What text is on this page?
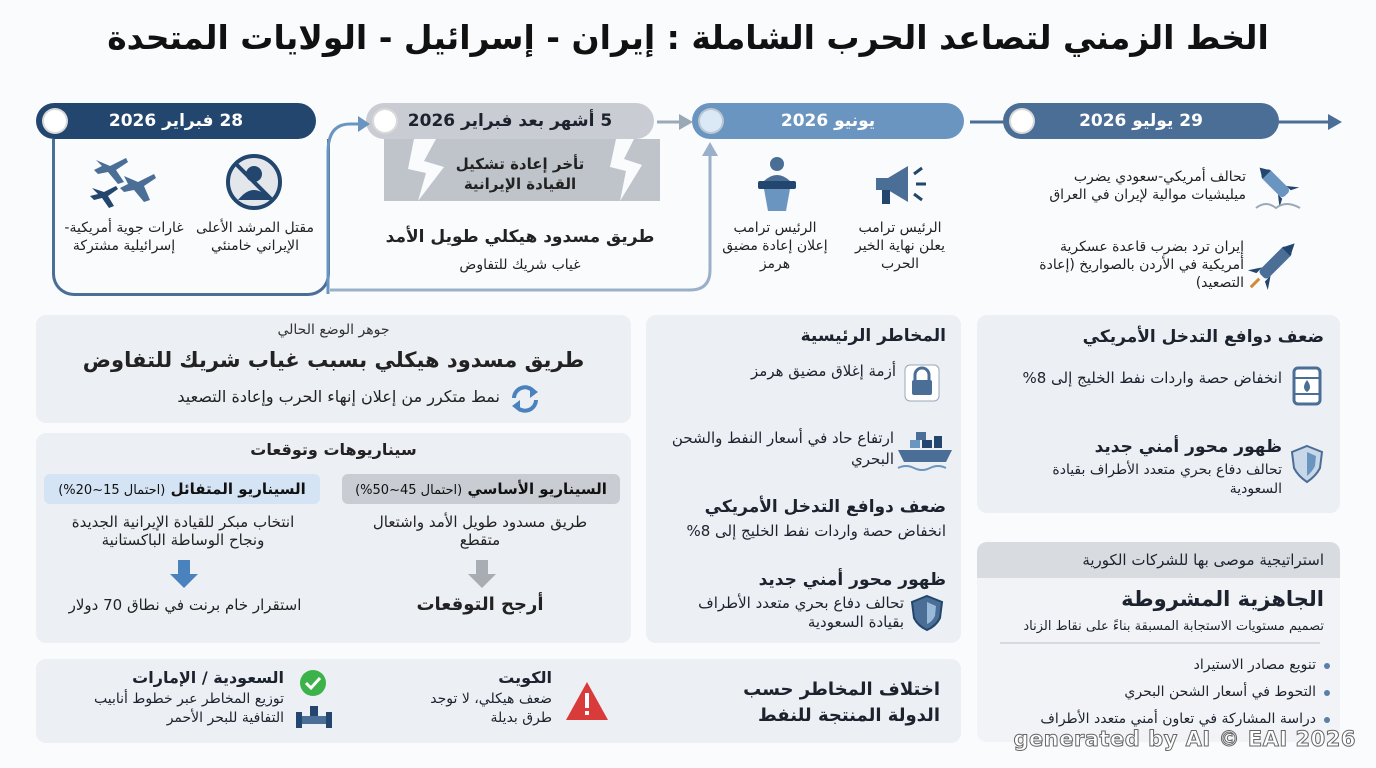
الخط الزمني لتصاعد الحرب الشاملة : إيران - إسرائيل - الولايات المتحدة
28 فبراير 2026	5 أشهر بعد فبراير 2026	يونيو 2026	29 يوليو 2026
مقتل المرشد الأعلى الإيراني خامنئي
غارات جوية أمريكية-إسرائيلية مشتركة
تأخر إعادة تشكيل القيادة الإيرانية
طريق مسدود هيكلي طويل الأمد
غياب شريك للتفاوض
الرئيس ترامب إعلان إعادة مضيق هرمز
الرئيس ترامب يعلن نهاية الخير الحرب
تحالف أمريكي-سعودي يضرب ميليشيات موالية لإيران في العراق
إيران ترد بضرب قاعدة عسكرية أمريكية في الأردن بالصواريخ (إعادة التصعيد)
جوهر الوضع الحالي
طريق مسدود هيكلي بسبب غياب شريك للتفاوض
نمط متكرر من إعلان إنهاء الحرب وإعادة التصعيد
سيناريوهات وتوقعات
السيناريو الأساسي (احتمال 45~50%)
طريق مسدود طويل الأمد واشتعال متقطع
أرجح التوقعات
السيناريو المتفائل (احتمال 15~20%)
انتخاب مبكر للقيادة الإيرانية الجديدة ونجاح الوساطة الباكستانية
استقرار خام برنت في نطاق 70 دولار
المخاطر الرئيسية
أزمة إغلاق مضيق هرمز
ارتفاع حاد في أسعار النفط والشحن البحري
ضعف دوافع التدخل الأمريكي
انخفاض حصة واردات نفط الخليج إلى 8%
ظهور محور أمني جديد
تحالف دفاع بحري متعدد الأطراف بقيادة السعودية
ضعف دوافع التدخل الأمريكي
انخفاض حصة واردات نفط الخليج إلى 8%
ظهور محور أمني جديد
تحالف دفاع بحري متعدد الأطراف بقيادة السعودية
استراتيجية موصى بها للشركات الكورية
الجاهزية المشروطة
تصميم مستويات الاستجابة المسبقة بناءً على نقاط الزناد
تنويع مصادر الاستيراد
التحوط في أسعار الشحن البحري
دراسة المشاركة في تعاون أمني متعدد الأطراف
اختلاف المخاطر حسب الدولة المنتجة للنفط
الكويت
ضعف هيكلي، لا توجد طرق بديلة
السعودية / الإمارات
توزيع المخاطر عبر خطوط أنابيب التفافية للبحر الأحمر
generated by AI © EAI 2026
